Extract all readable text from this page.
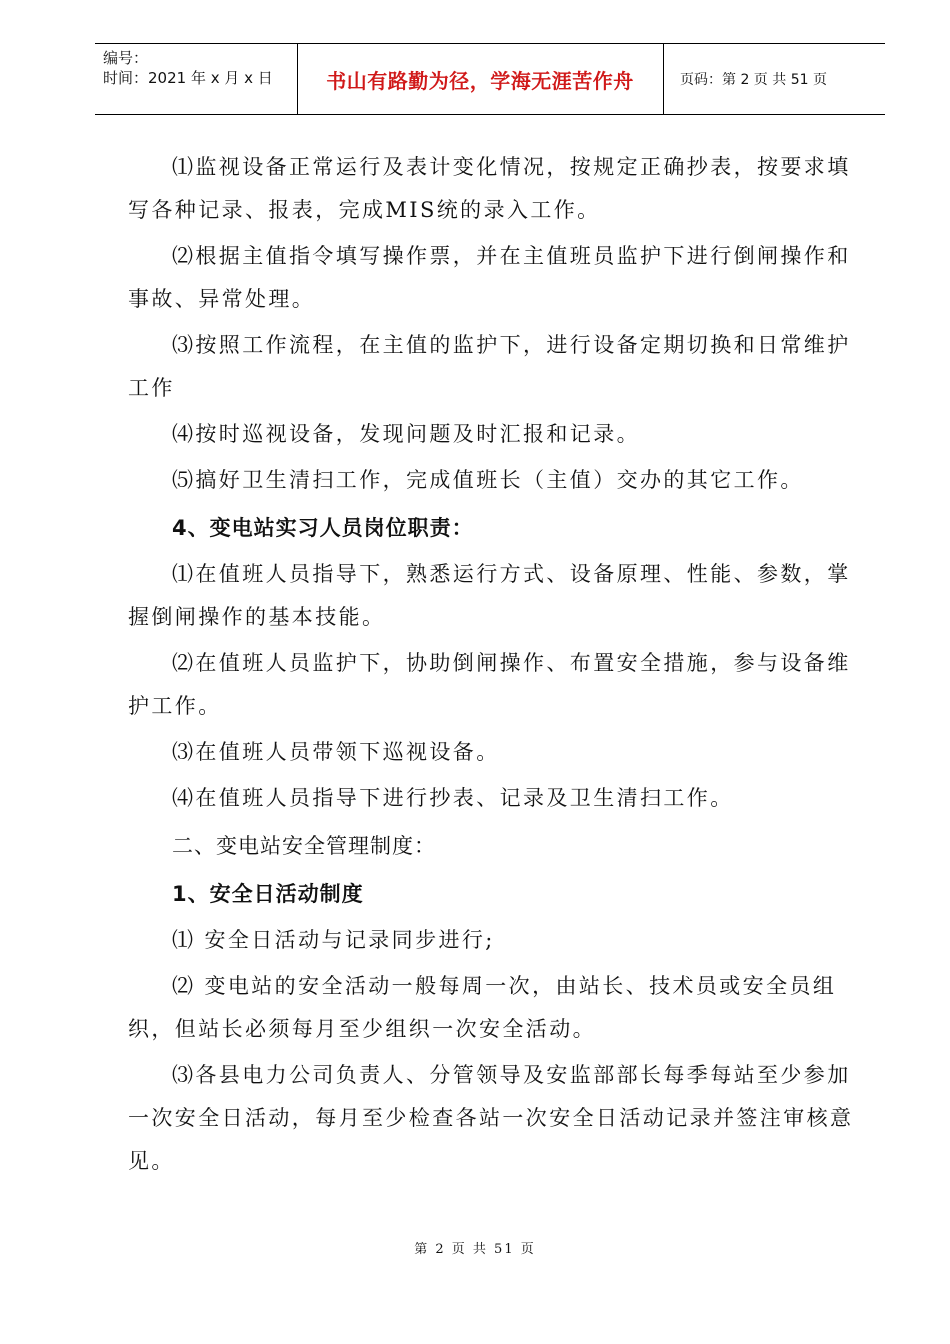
编号：
时间：2021 年 x 月 x 日	书山有路勤为径，学海无涯苦作舟	页码：第 2 页 共 51 页

⑴监视设备正常运行及表计变化情况，按规定正确抄表，按要求填写各种记录、报表，完成MIS统的录入工作。

⑵根据主值指令填写操作票，并在主值班员监护下进行倒闸操作和事故、异常处理。

⑶按照工作流程，在主值的监护下，进行设备定期切换和日常维护工作

⑷按时巡视设备，发现问题及时汇报和记录。

⑸搞好卫生清扫工作，完成值班长（主值）交办的其它工作。

4、变电站实习人员岗位职责：

⑴在值班人员指导下，熟悉运行方式、设备原理、性能、参数，掌握倒闸操作的基本技能。

⑵在值班人员监护下，协助倒闸操作、布置安全措施，参与设备维护工作。

⑶在值班人员带领下巡视设备。

⑷在值班人员指导下进行抄表、记录及卫生清扫工作。

二、变电站安全管理制度：
1、安全日活动制度

⑴ 安全日活动与记录同步进行;

⑵ 变电站的安全活动一般每周一次，由站长、技术员或安全员组织，但站长必须每月至少组织一次安全活动。

⑶各县电力公司负责人、分管领导及安监部部长每季每站至少参加一次安全日活动，每月至少检查各站一次安全日活动记录并签注审核意见。

第 2 页 共 51 页
